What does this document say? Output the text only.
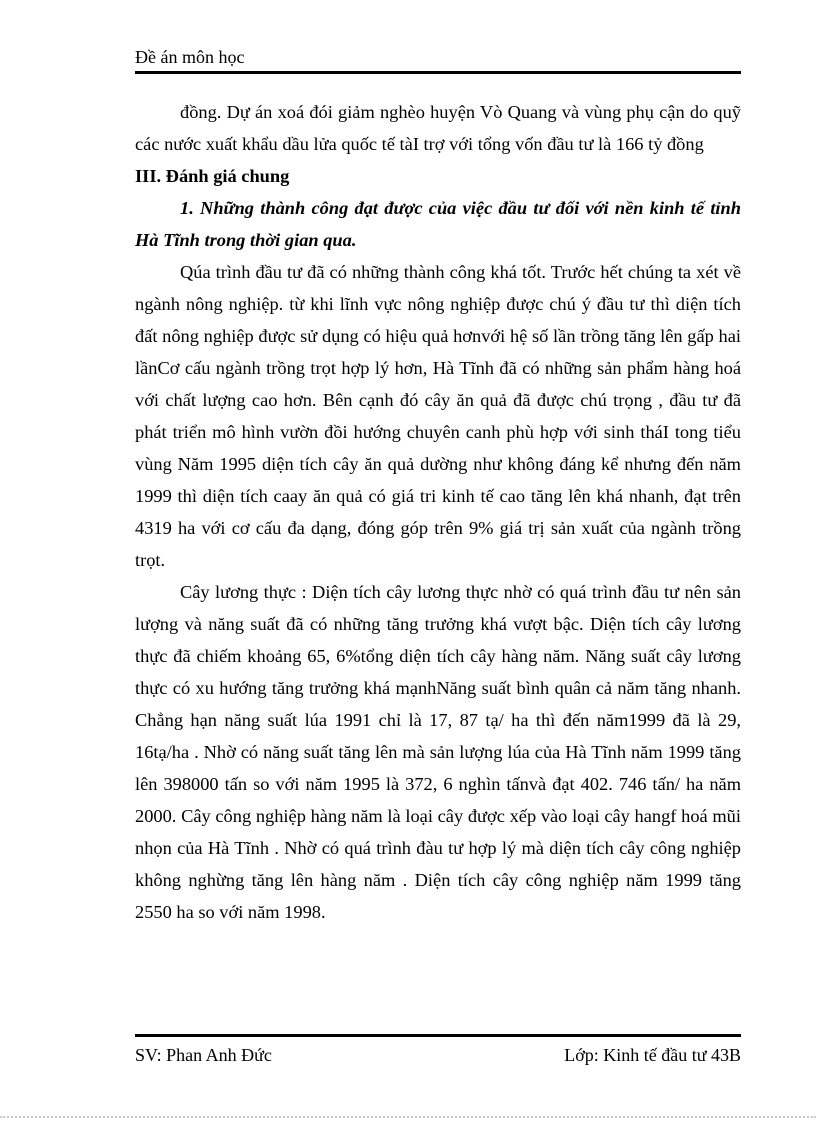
Đề án môn học

đồng. Dự án xoá đói giảm nghèo huyện Vò Quang và vùng phụ cận do quỹ các nước xuất khẩu dầu lửa quốc tế tàI trợ với tổng vốn đầu tư là 166 tỷ đồng

III. Đánh giá chung

1. Những thành công đạt được của việc đầu tư đối với nền kinh tế tỉnh Hà Tĩnh trong thời gian qua.

Qúa trình đầu tư đã có những thành công khá tốt. Trước hết chúng ta xét về ngành nông nghiệp. từ khi lĩnh vực nông nghiệp được chú ý đầu tư thì diện tích đất nông nghiệp được sử dụng có hiệu quả hơnvới hệ số lần trồng tăng lên gấp hai lầnCơ cấu ngành trồng trọt hợp lý hơn, Hà Tĩnh đã có những sản phẩm hàng hoá với chất lượng cao hơn. Bên cạnh đó cây ăn quả đã được chú trọng , đầu tư đã phát triển mô hình vườn đồi hướng chuyên canh phù hợp với sinh tháI tong tiểu vùng Năm 1995 diện tích cây ăn quả dường như không đáng kể nhưng đến năm 1999 thì diện tích caay ăn quả có giá tri kinh tế cao tăng lên khá nhanh, đạt trên 4319 ha với cơ cấu đa dạng, đóng góp trên 9% giá trị sản xuất của ngành trồng trọt.

Cây lương thực : Diện tích cây lương thực nhờ có quá trình đầu tư nên sản lượng và năng suất đã có những tăng trưởng khá vượt bậc. Diện tích cây lương thực đã chiếm khoảng 65, 6%tổng diện tích cây hàng năm. Năng suất cây lương thực có xu hướng tăng trưởng khá mạnhNăng suất bình quân cả năm tăng nhanh. Chẳng hạn năng suất lúa 1991 chỉ là 17, 87 tạ/ ha thì đến năm1999 đã là 29, 16tạ/ha . Nhờ có năng suất tăng lên mà sản lượng lúa của Hà Tĩnh năm 1999 tăng lên 398000 tấn so với năm 1995 là 372, 6 nghìn tấnvà đạt 402. 746 tấn/ ha năm 2000. Cây công nghiệp hàng năm là loại cây được xếp vào loại cây hangf hoá mũi nhọn của Hà Tĩnh . Nhờ có quá trình đàu tư hợp lý mà diện tích cây công nghiệp không nghừng tăng lên hàng năm . Diện tích cây công nghiệp năm 1999 tăng 2550 ha so với năm 1998.

SV: Phan Anh Đức	Lớp: Kinh tế đầu tư 43B
